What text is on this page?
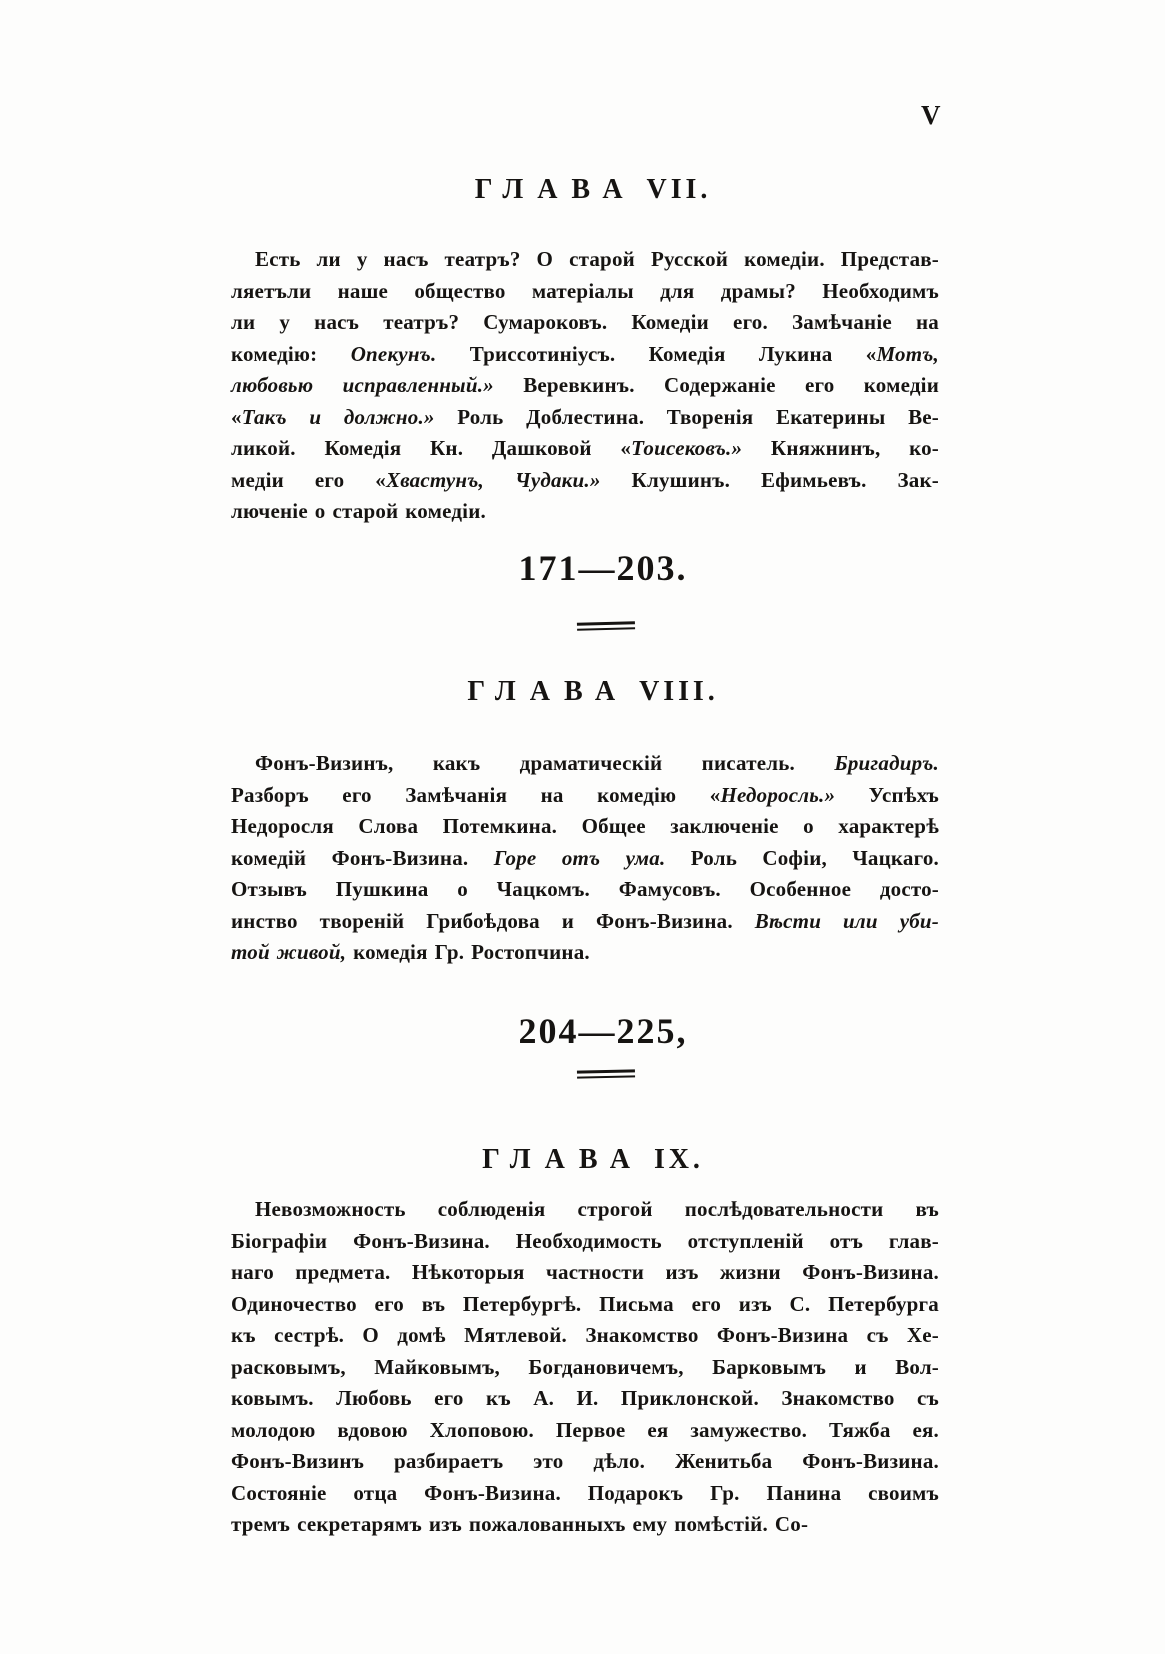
V
ГЛАВА VII.
Есть ли у насъ театръ? О старой Русской комедіи. Представ-
ляетъли наше общество матеріалы для драмы? Необходимъ
ли у насъ театръ? Сумароковъ. Комедіи его. Замѣчаніе на
комедію: Опекунъ. Триссотиніусъ. Комедія Лукина «Мотъ,
любовью исправленный.» Веревкинъ. Содержаніе его комедіи
«Такъ и должно.» Роль Доблестина. Творенія Екатерины Ве-
ликой. Комедія Кн. Дашковой «Тоисековъ.» Княжнинъ, ко-
медіи его «Хвастунъ, Чудаки.» Клушинъ. Ефимьевъ. Зак-
люченіе о старой комедіи.
171—203.
ГЛАВА VIII.
Фонъ-Визинъ, какъ драматическій писатель. Бригадиръ.
Разборъ его Замѣчанія на комедію «Недоросль.» Успѣхъ
Недоросля Слова Потемкина. Общее заключеніе о характерѣ
комедій Фонъ-Визина. Горе отъ ума. Роль Софіи, Чацкаго.
Отзывъ Пушкина о Чацкомъ. Фамусовъ. Особенное досто-
инство твореній Грибоѣдова и Фонъ-Визина. Вѣсти или уби-
той живой, комедія Гр. Ростопчина.
204—225,
ГЛАВА IX.
Невозможность соблюденія строгой послѣдовательности въ
Біографіи Фонъ-Визина. Необходимость отступленій отъ глав-
наго предмета. Нѣкоторыя частности изъ жизни Фонъ-Визина.
Одиночество его въ Петербургѣ. Письма его изъ С. Петербурга
къ сестрѣ. О домѣ Мятлевой. Знакомство Фонъ-Визина съ Хе-
расковымъ, Майковымъ, Богдановичемъ, Барковымъ и Вол-
ковымъ. Любовь его къ А. И. Приклонской. Знакомство съ
молодою вдовою Хлоповою. Первое ея замужество. Тяжба ея.
Фонъ-Визинъ разбираетъ это дѣло. Женитьба Фонъ-Визина.
Состояніе отца Фонъ-Визина. Подарокъ Гр. Панина своимъ
тремъ секретарямъ изъ пожалованныхъ ему помѣстій. Со-
